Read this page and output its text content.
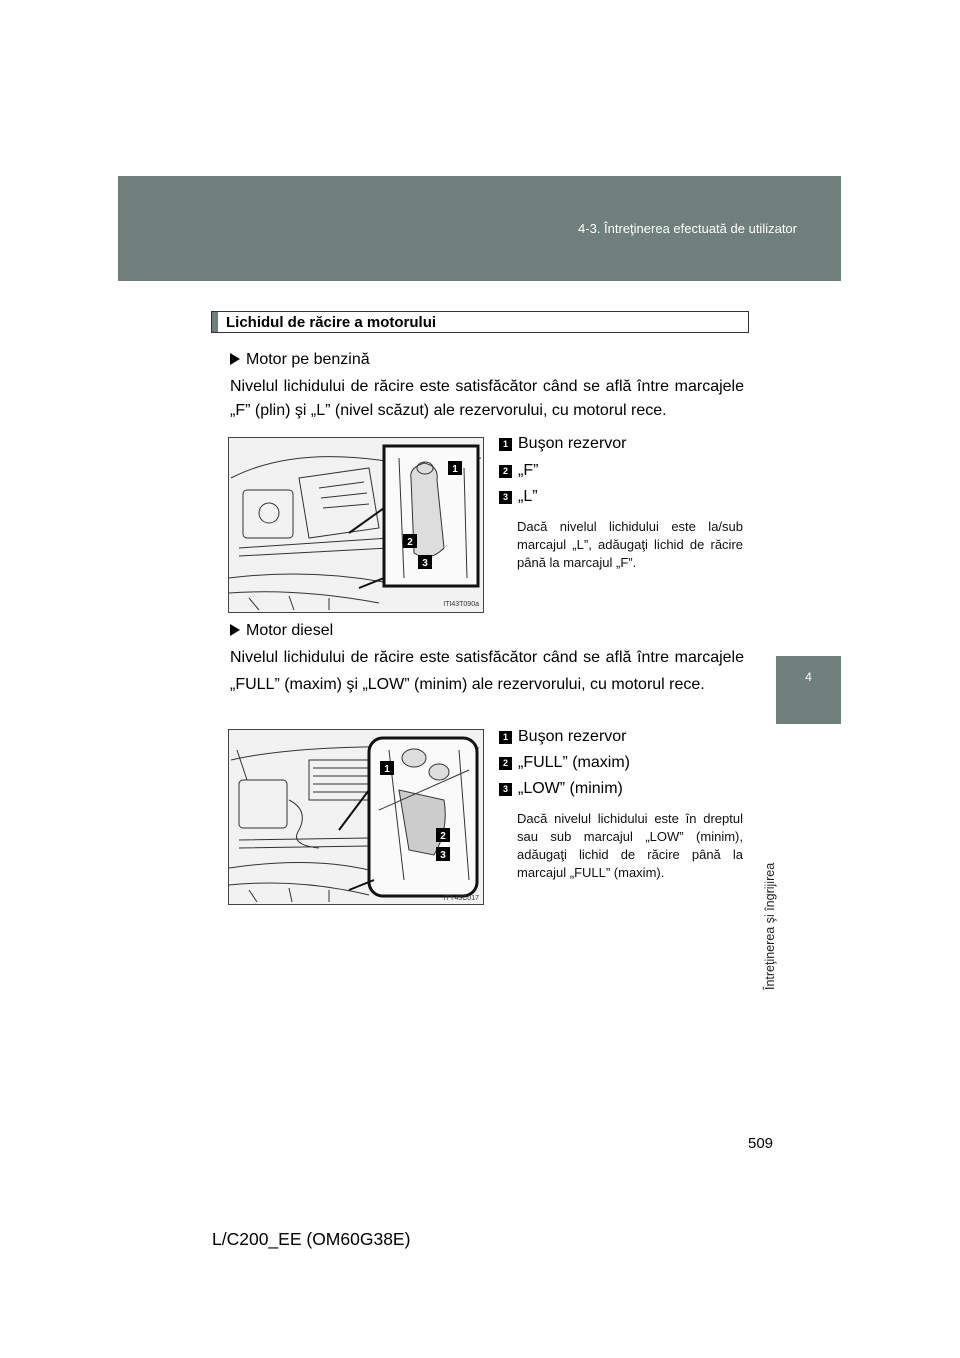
4-3. Întreţinerea efectuată de utilizator
4
Întreţinerea şi îngrijirea
Lichidul de răcire a motorului
Motor pe benzină
Nivelul lichidului de răcire este satisfăcător când se află între marcajele „F” (plin) şi „L” (nivel scăzut) ale rezervorului, cu motorul rece.
1
2
3
ITI43T090a
1 Buşon rezervor
2 „F”
3 „L”
Dacă nivelul lichidului este la/sub marcajul „L”, adăugaţi lichid de răcire până la marcajul „F”.
Motor diesel
Nivelul lichidului de răcire este satisfăcător când se află între marcajele „FULL” (maxim) şi „LOW” (minim) ale rezervorului, cu motorul rece.
1
2
3
ITY43C017
1 Buşon rezervor
2 „FULL” (maxim)
3 „LOW” (minim)
Dacă nivelul lichidului este în dreptul sau sub marcajul „LOW” (minim), adăugaţi lichid de răcire până la marcajul „FULL” (maxim).
509
L/C200_EE (OM60G38E)
